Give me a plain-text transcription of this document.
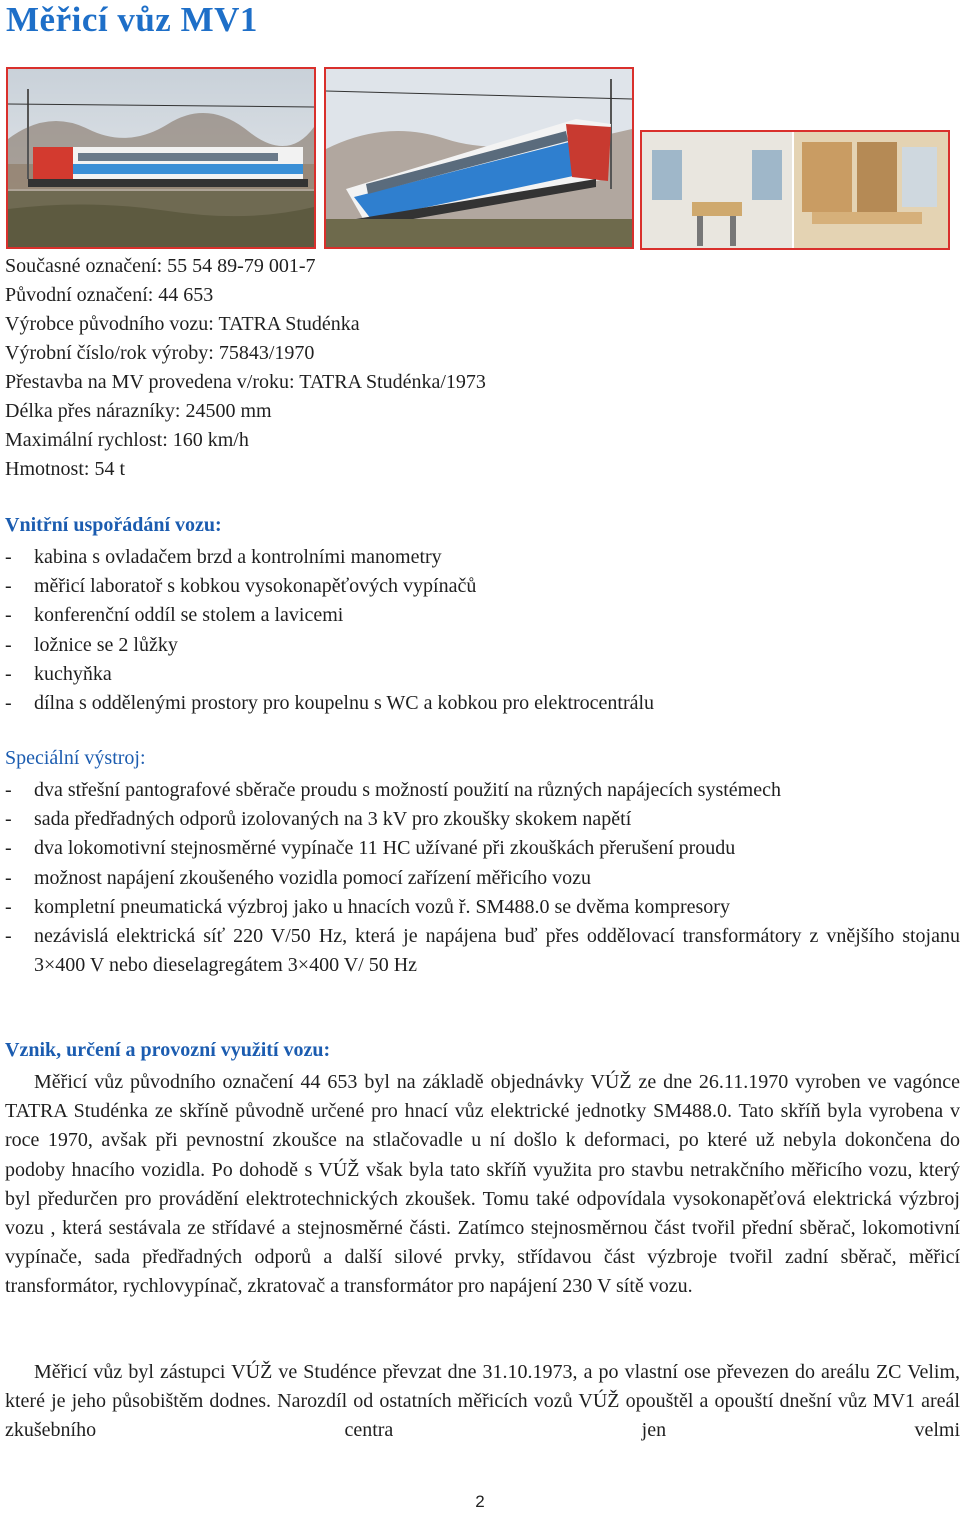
Měřicí vůz MV1
Současné označení: 55 54 89-79 001-7
Původní označení: 44 653
Výrobce původního vozu: TATRA Studénka
Výrobní číslo/rok výroby: 75843/1970
Přestavba na MV provedena v/roku: TATRA Studénka/1973
Délka přes nárazníky: 24500 mm
Maximální rychlost: 160 km/h
Hmotnost: 54 t
Vnitřní uspořádání vozu:
- kabina s ovladačem brzd a kontrolními manometry
- měřicí laboratoř s kobkou vysokonapěťových vypínačů
- konferenční oddíl se stolem a lavicemi
- ložnice se 2 lůžky
- kuchyňka
- dílna s oddělenými prostory pro koupelnu s WC a kobkou pro elektrocentrálu
Speciální výstroj:
- dva střešní pantografové sběrače proudu s možností použití na různých napájecích systémech
- sada předřadných odporů izolovaných na 3 kV pro zkoušky skokem napětí
- dva lokomotivní stejnosměrné vypínače 11 HC užívané při zkouškách přerušení proudu
- možnost napájení zkoušeného vozidla pomocí zařízení měřicího vozu
- kompletní pneumatická výzbroj jako u hnacích vozů ř. SM488.0 se dvěma kompresory
- nezávislá elektrická síť 220 V/50 Hz, která je napájena buď přes oddělovací transformátory z vnějšího stojanu 3×400 V nebo dieselagregátem 3×400 V/ 50 Hz
Vznik, určení a provozní využití vozu:

Měřicí vůz původního označení 44 653 byl na základě objednávky VÚŽ ze dne 26.11.1970 vyroben ve vagónce TATRA Studénka ze skříně původně určené pro hnací vůz elektrické jednotky SM488.0. Tato skříň byla vyrobena v roce 1970, avšak při pevnostní zkoušce na stlačovadle u ní došlo k deformaci, po které už nebyla dokončena do podoby hnacího vozidla. Po dohodě s VÚŽ však byla tato skříň využita pro stavbu netrakčního měřicího vozu, který byl předurčen pro provádění elektrotechnických zkoušek. Tomu také odpovídala vysokonapěťová elektrická výzbroj vozu , která sestávala ze střídavé a stejnosměrné části. Zatímco stejnosměrnou část tvořil přední sběrač, lokomotivní vypínače, sada předřadných odporů a další silové prvky, střídavou část výzbroje tvořil zadní sběrač, měřicí transformátor, rychlovypínač, zkratovač a transformátor pro napájení 230 V sítě vozu.

Měřicí vůz byl zástupci VÚŽ ve Studénce převzat dne 31.10.1973, a po vlastní ose převezen do areálu ZC Velim, které je jeho působištěm dodnes. Narozdíl od ostatních měřicích vozů VÚŽ opouštěl a opouští dnešní vůz MV1 areál zkušebního centra jen velmi

2
